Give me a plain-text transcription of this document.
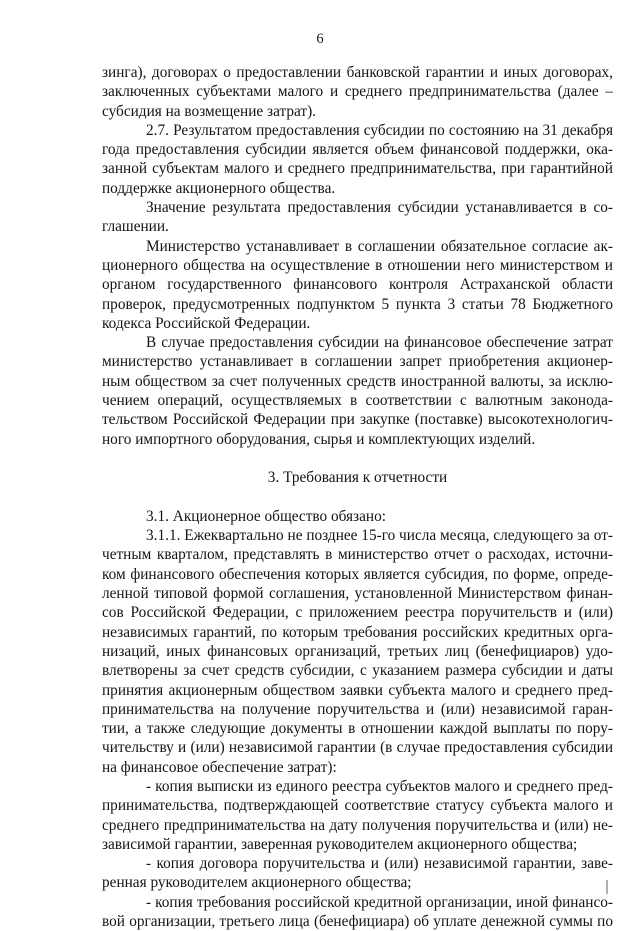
6
зинга), договорах о предоставлении банковской гарантии и иных договорах,
заключенных субъектами малого и среднего предпринимательства (далее –
субсидия на возмещение затрат).
2.7. Результатом предоставления субсидии по состоянию на 31 декабря
года предоставления субсидии является объем финансовой поддержки, ока-
занной субъектам малого и среднего предпринимательства, при гарантийной
поддержке акционерного общества.
Значение результата предоставления субсидии устанавливается в со-
глашении.
Министерство устанавливает в соглашении обязательное согласие ак-
ционерного общества на осуществление в отношении него министерством и
органом государственного финансового контроля Астраханской области
проверок, предусмотренных подпунктом 5 пункта 3 статьи 78 Бюджетного
кодекса Российской Федерации.
В случае предоставления субсидии на финансовое обеспечение затрат
министерство устанавливает в соглашении запрет приобретения акционер-
ным обществом за счет полученных средств иностранной валюты, за исклю-
чением операций, осуществляемых в соответствии с валютным законода-
тельством Российской Федерации при закупке (поставке) высокотехнологич-
ного импортного оборудования, сырья и комплектующих изделий.
3. Требования к отчетности
3.1. Акционерное общество обязано:
3.1.1. Ежеквартально не позднее 15-го числа месяца, следующего за от-
четным кварталом, представлять в министерство отчет о расходах, источни-
ком финансового обеспечения которых является субсидия, по форме, опреде-
ленной типовой формой соглашения, установленной Министерством финан-
сов Российской Федерации, с приложением реестра поручительств и (или)
независимых гарантий, по которым требования российских кредитных орга-
низаций, иных финансовых организаций, третьих лиц (бенефициаров) удо-
влетворены за счет средств субсидии, с указанием размера субсидии и даты
принятия акционерным обществом заявки субъекта малого и среднего пред-
принимательства на получение поручительства и (или) независимой гаран-
тии, а также следующие документы в отношении каждой выплаты по пору-
чительству и (или) независимой гарантии (в случае предоставления субсидии
на финансовое обеспечение затрат):
- копия выписки из единого реестра субъектов малого и среднего пред-
принимательства, подтверждающей соответствие статусу субъекта малого и
среднего предпринимательства на дату получения поручительства и (или) не-
зависимой гарантии, заверенная руководителем акционерного общества;
- копия договора поручительства и (или) независимой гарантии, заве-
ренная руководителем акционерного общества;
- копия требования российской кредитной организации, иной финансо-
вой организации, третьего лица (бенефициара) об уплате денежной суммы по
